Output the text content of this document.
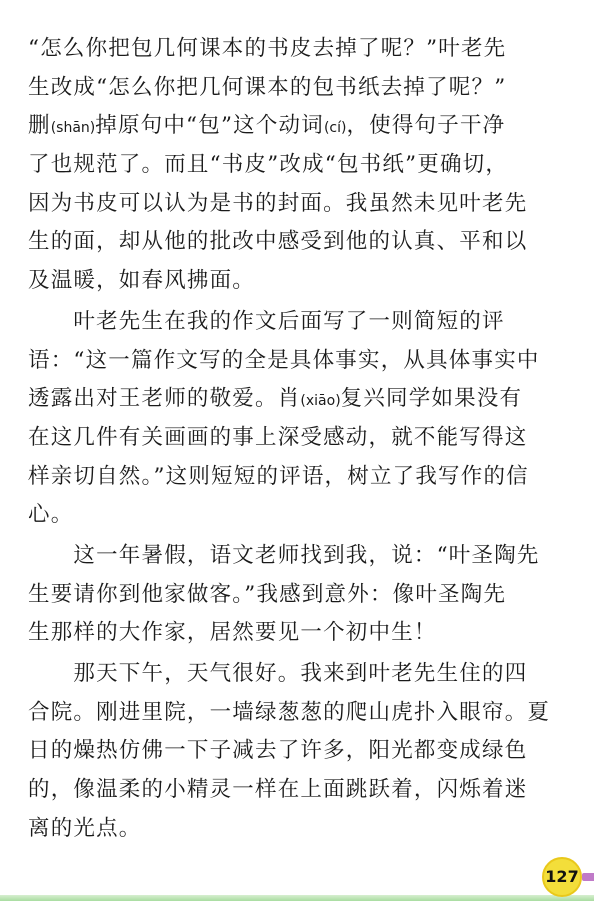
“怎么你把包几何课本的书皮去掉了呢？”叶老先
生改成“怎么你把几何课本的包书纸去掉了呢？”
删(shān)掉原句中“包”这个动词(cí)，使得句子干净
了也规范了。而且“书皮”改成“包书纸”更确切，
因为书皮可以认为是书的封面。我虽然未见叶老先
生的面，却从他的批改中感受到他的认真、平和以
及温暖，如春风拂面。
　　叶老先生在我的作文后面写了一则简短的评
语：“这一篇作文写的全是具体事实，从具体事实中
透露出对王老师的敬爱。肖(xiāo)复兴同学如果没有
在这几件有关画画的事上深受感动，就不能写得这
样亲切自然。”这则短短的评语，树立了我写作的信
心。
　　这一年暑假，语文老师找到我，说：“叶圣陶先
生要请你到他家做客。”我感到意外：像叶圣陶先
生那样的大作家，居然要见一个初中生！
　　那天下午，天气很好。我来到叶老先生住的四
合院。刚进里院，一墙绿葱葱的爬山虎扑入眼帘。夏
日的燥热仿佛一下子减去了许多，阳光都变成绿色
的，像温柔的小精灵一样在上面跳跃着，闪烁着迷
离的光点。
127
